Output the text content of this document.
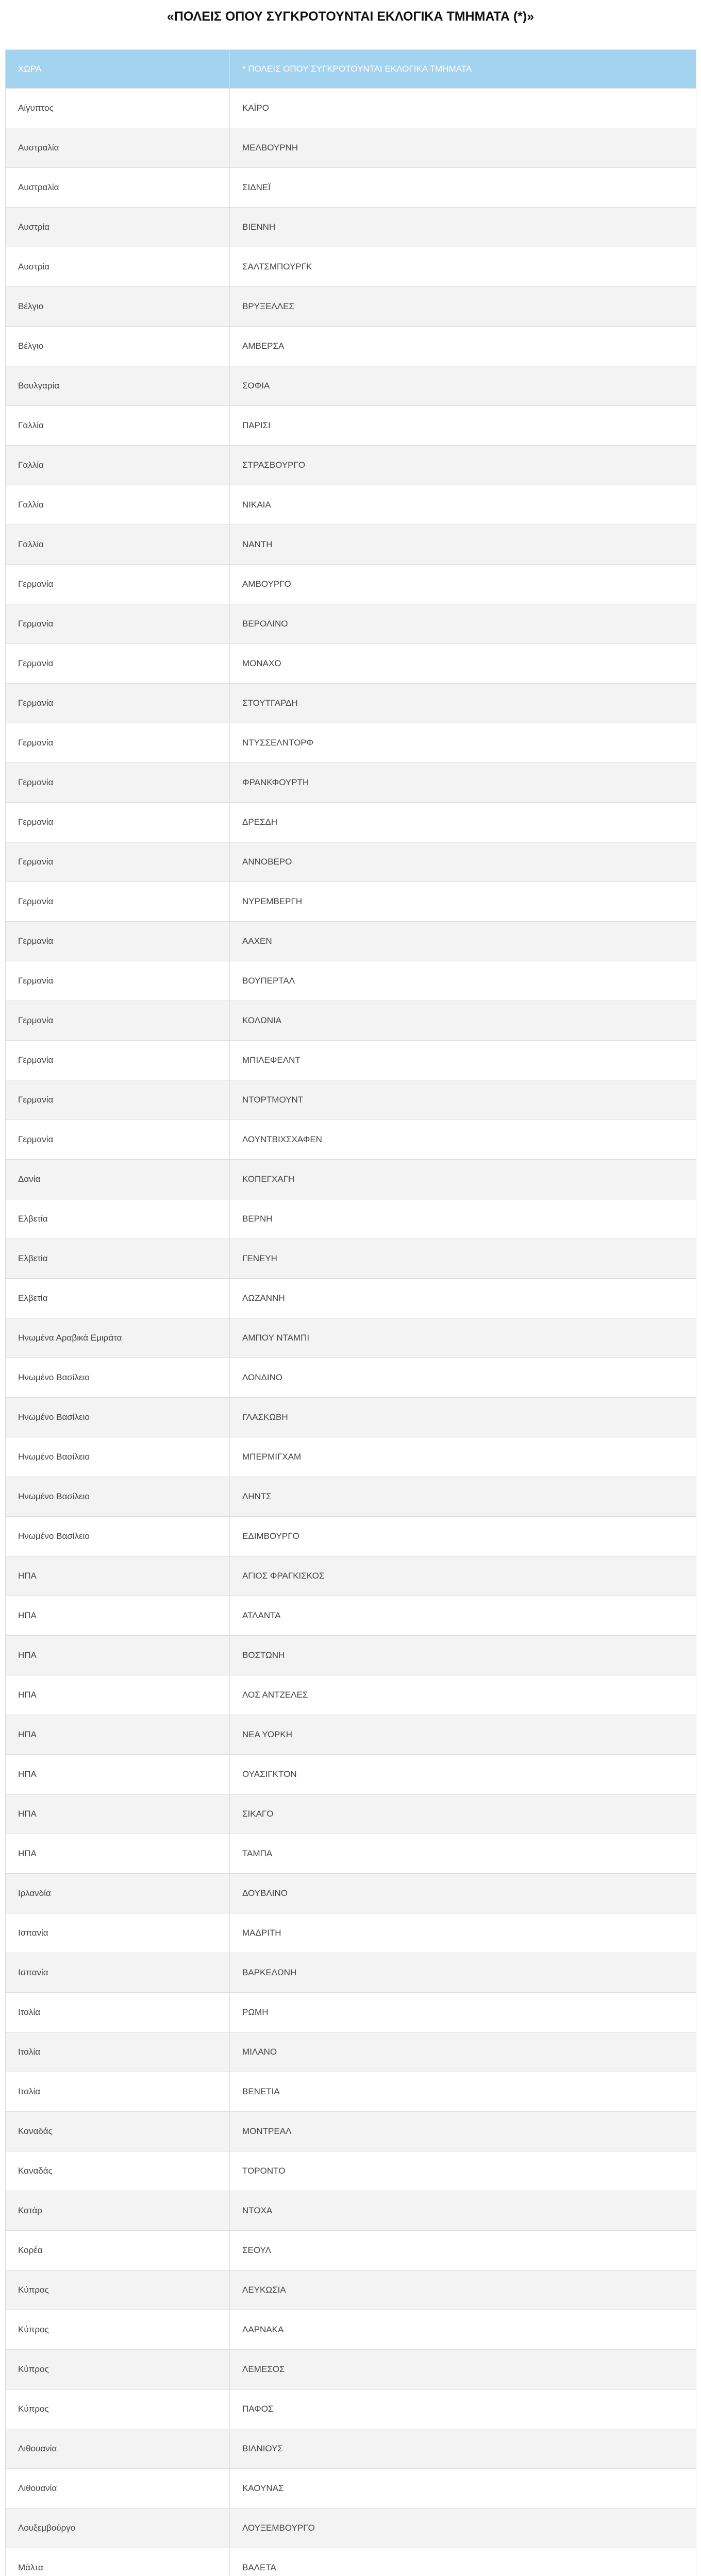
«ΠΟΛΕΙΣ ΟΠΟΥ ΣΥΓΚΡΟΤΟΥΝΤΑΙ ΕΚΛΟΓΙΚΑ ΤΜΗΜΑΤΑ (*)»
ΧΩΡΑ	* ΠΟΛΕΙΣ ΟΠΟΥ ΣΥΓΚΡΟΤΟΥΝΤΑΙ ΕΚΛΟΓΙΚΑ ΤΜΗΜΑΤΑ
Αίγυπτος	ΚΑΪΡΟ
Αυστραλία	ΜΕΛΒΟΥΡΝΗ
Αυστραλία	ΣΙΔΝΕΪ
Αυστρία	ΒΙΕΝΝΗ
Αυστρία	ΣΑΛΤΣΜΠΟΥΡΓΚ
Βέλγιο	ΒΡΥΞΕΛΛΕΣ
Βέλγιο	ΑΜΒΕΡΣΑ
Βουλγαρία	ΣΟΦΙΑ
Γαλλία	ΠΑΡΙΣΙ
Γαλλία	ΣΤΡΑΣΒΟΥΡΓΟ
Γαλλία	ΝΙΚΑΙΑ
Γαλλία	ΝΑΝΤΗ
Γερμανία	ΑΜΒΟΥΡΓΟ
Γερμανία	ΒΕΡΟΛΙΝΟ
Γερμανία	ΜΟΝΑΧΟ
Γερμανία	ΣΤΟΥΤΓΑΡΔΗ
Γερμανία	ΝΤΥΣΣΕΛΝΤΟΡΦ
Γερμανία	ΦΡΑΝΚΦΟΥΡΤΗ
Γερμανία	ΔΡΕΣΔΗ
Γερμανία	ΑΝΝΟΒΕΡΟ
Γερμανία	ΝΥΡΕΜΒΕΡΓΗ
Γερμανία	ΑΑΧΕΝ
Γερμανία	ΒΟΥΠΕΡΤΑΛ
Γερμανία	ΚΟΛΩΝΙΑ
Γερμανία	ΜΠΙΛΕΦΕΛΝΤ
Γερμανία	ΝΤΟΡΤΜΟΥΝΤ
Γερμανία	ΛΟΥΝΤΒΙΧΣΧΑΦΕΝ
Δανία	ΚΟΠΕΓΧΑΓΗ
Ελβετία	ΒΕΡΝΗ
Ελβετία	ΓΕΝΕΥΗ
Ελβετία	ΛΩΖΑΝΝΗ
Ηνωμένα Αραβικά Εμιράτα	ΑΜΠΟΥ ΝΤΑΜΠΙ
Ηνωμένο Βασίλειο	ΛΟΝΔΙΝΟ
Ηνωμένο Βασίλειο	ΓΛΑΣΚΩΒΗ
Ηνωμένο Βασίλειο	ΜΠΕΡΜΙΓΧΑΜ
Ηνωμένο Βασίλειο	ΛΗΝΤΣ
Ηνωμένο Βασίλειο	ΕΔΙΜΒΟΥΡΓΟ
ΗΠΑ	ΑΓΙΟΣ ΦΡΑΓΚΙΣΚΟΣ
ΗΠΑ	ΑΤΛΑΝΤΑ
ΗΠΑ	ΒΟΣΤΩΝΗ
ΗΠΑ	ΛΟΣ ΑΝΤΖΕΛΕΣ
ΗΠΑ	ΝΕΑ ΥΟΡΚΗ
ΗΠΑ	ΟΥΑΣΙΓΚΤΟΝ
ΗΠΑ	ΣΙΚΑΓΟ
ΗΠΑ	ΤΑΜΠΑ
Ιρλανδία	ΔΟΥΒΛΙΝΟ
Ισπανία	ΜΑΔΡΙΤΗ
Ισπανία	ΒΑΡΚΕΛΩΝΗ
Ιταλία	ΡΩΜΗ
Ιταλία	ΜΙΛΑΝΟ
Ιταλία	ΒΕΝΕΤΙΑ
Καναδάς	ΜΟΝΤΡΕΑΛ
Καναδάς	ΤΟΡΟΝΤΟ
Κατάρ	ΝΤΟΧΑ
Κορέα	ΣΕΟΥΛ
Κύπρος	ΛΕΥΚΩΣΙΑ
Κύπρος	ΛΑΡΝΑΚΑ
Κύπρος	ΛΕΜΕΣΟΣ
Κύπρος	ΠΑΦΟΣ
Λιθουανία	ΒΙΛΝΙΟΥΣ
Λιθουανία	ΚΑΟΥΝΑΣ
Λουξεμβούργο	ΛΟΥΞΕΜΒΟΥΡΓΟ
Μάλτα	ΒΑΛΕΤΑ
